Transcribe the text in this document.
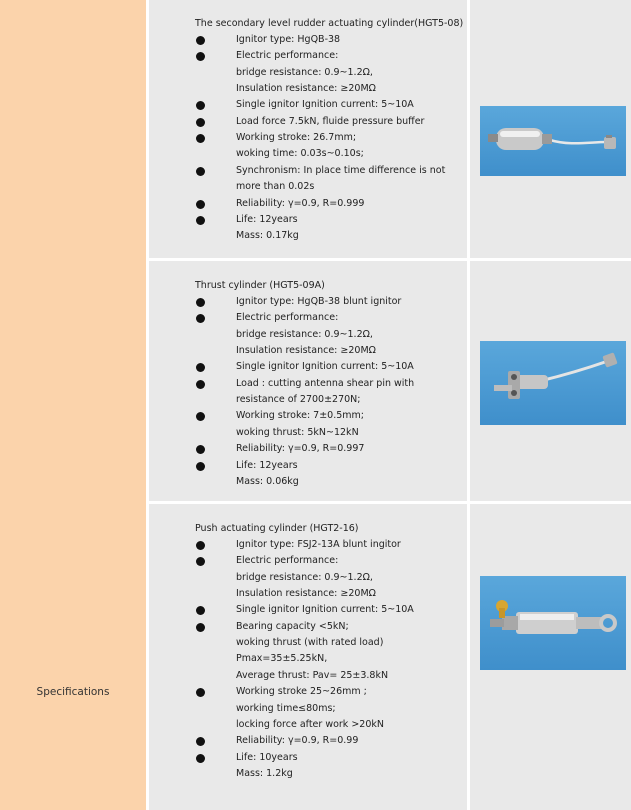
Specifications
The secondary level rudder actuating cylinder(HGT5-08)
Ignitor type: HgQB-38
Electric performance:
bridge resistance: 0.9~1.2Ω,
Insulation resistance: ≥20MΩ
Single ignitor Ignition current: 5~10A
Load force 7.5kN, fluide pressure buffer
Working stroke: 26.7mm;
woking time: 0.03s~0.10s;
Synchronism: In place time difference is not
more than 0.02s
Reliability: γ=0.9, R=0.999
Life: 12years
Mass: 0.17kg
Thrust cylinder (HGT5-09A)
Ignitor type: HgQB-38 blunt ignitor
Electric performance:
bridge resistance: 0.9~1.2Ω,
Insulation resistance: ≥20MΩ
Single ignitor Ignition current: 5~10A
Load : cutting antenna shear pin with
resistance of 2700±270N;
Working stroke: 7±0.5mm;
woking thrust: 5kN~12kN
Reliability: γ=0.9, R=0.997
Life: 12years
Mass: 0.06kg
Push actuating cylinder (HGT2-16)
Ignitor type: FSJ2-13A blunt ingitor
Electric performance:
bridge resistance: 0.9~1.2Ω,
Insulation resistance: ≥20MΩ
Single ignitor Ignition current: 5~10A
Bearing capacity <5kN;
woking thrust (with rated load)
Pmax=35±5.25kN,
Average thrust: Pav= 25±3.8kN
Working stroke 25~26mm ;
working time≤80ms;
locking force after work >20kN
Reliability: γ=0.9, R=0.99
Life: 10years
Mass: 1.2kg
